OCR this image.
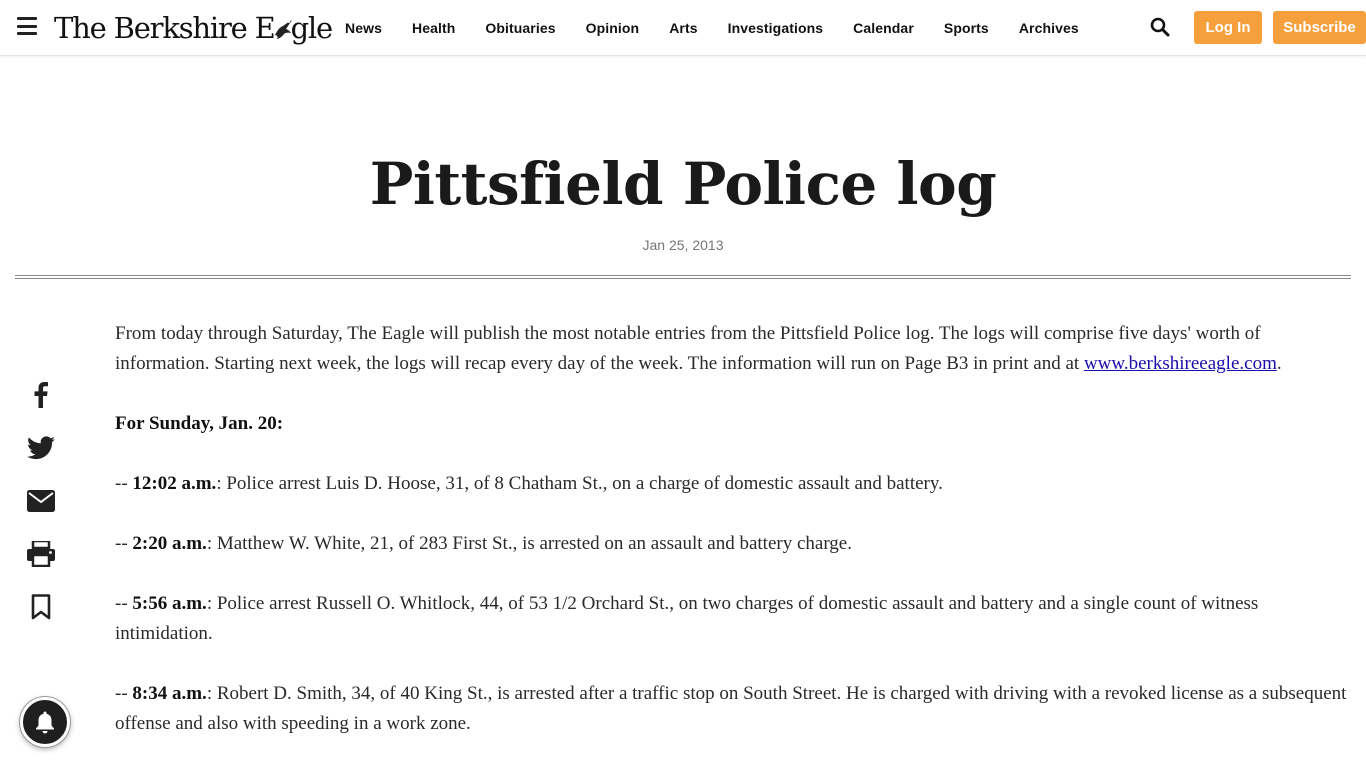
The Berkshire E gle News Health Obituaries Opinion Arts Investigations Calendar Sports Archives	Log In	Subscribe
Pittsfield Police log
Jan 25, 2013

From today through Saturday, The Eagle will publish the most notable entries from the Pittsfield Police log. The logs will comprise five days' worth of information. Starting next week, the logs will recap every day of the week. The information will run on Page B3 in print and at www.berkshireeagle.com.

For Sunday, Jan. 20:

-- 12:02 a.m.: Police arrest Luis D. Hoose, 31, of 8 Chatham St., on a charge of domestic assault and battery.

-- 2:20 a.m.: Matthew W. White, 21, of 283 First St., is arrested on an assault and battery charge.

-- 5:56 a.m.: Police arrest Russell O. Whitlock, 44, of 53 1/2 Orchard St., on two charges of domestic assault and battery and a single count of witness intimidation.

-- 8:34 a.m.: Robert D. Smith, 34, of 40 King St., is arrested after a traffic stop on South Street. He is charged with driving with a revoked license as a subsequent offense and also with speeding in a work zone.
